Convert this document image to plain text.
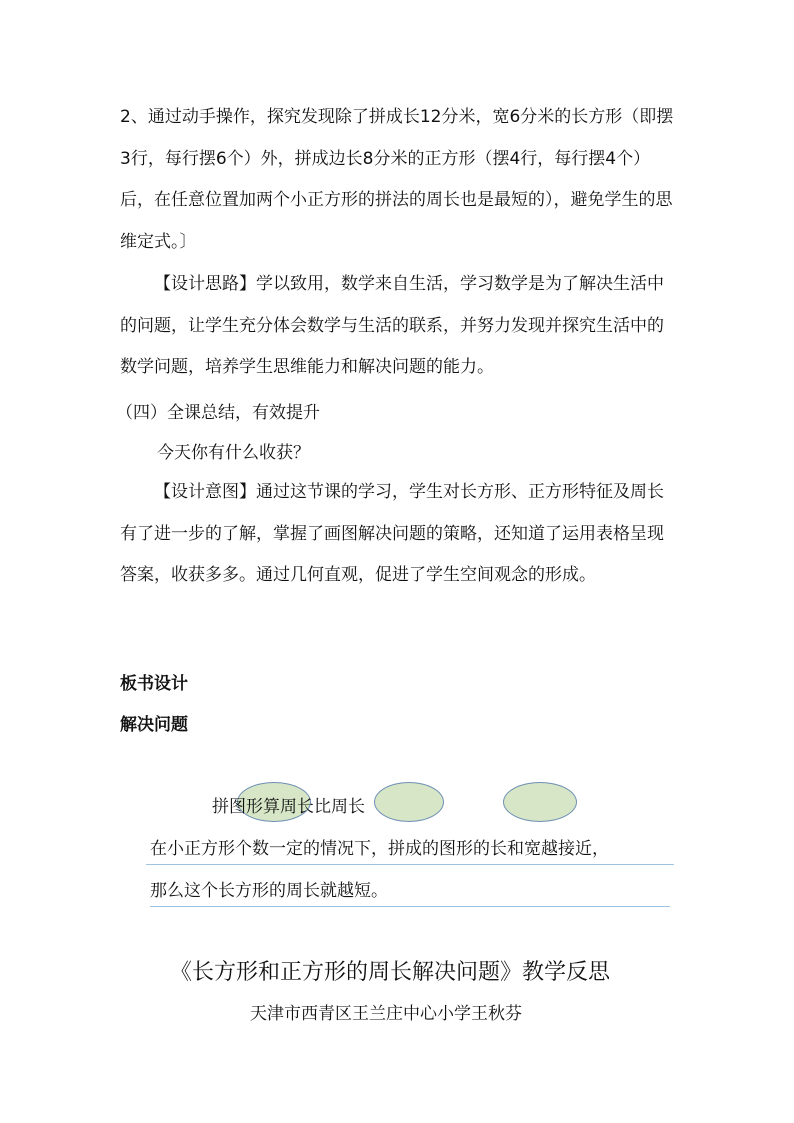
2、通过动手操作，探究发现除了拼成长12分米，宽6分米的长方形（即摆3行，每行摆6个）外，拼成边长8分米的正方形（摆4行，每行摆4个）后，在任意位置加两个小正方形的拼法的周长也是最短的），避免学生的思维定式。〕

【设计思路】学以致用，数学来自生活，学习数学是为了解决生活中的问题，让学生充分体会数学与生活的联系，并努力发现并探究生活中的数学问题，培养学生思维能力和解决问题的能力。

（四）全课总结，有效提升

今天你有什么收获？

【设计意图】通过这节课的学习，学生对长方形、正方形特征及周长有了进一步的了解，掌握了画图解决问题的策略，还知道了运用表格呈现答案，收获多多。通过几何直观，促进了学生空间观念的形成。

板书设计

解决问题

拼图形算周长比周长

在小正方形个数一定的情况下，拼成的图形的长和宽越接近，

那么这个长方形的周长就越短。

《长方形和正方形的周长解决问题》教学反思

天津市西青区王兰庄中心小学王秋芬
